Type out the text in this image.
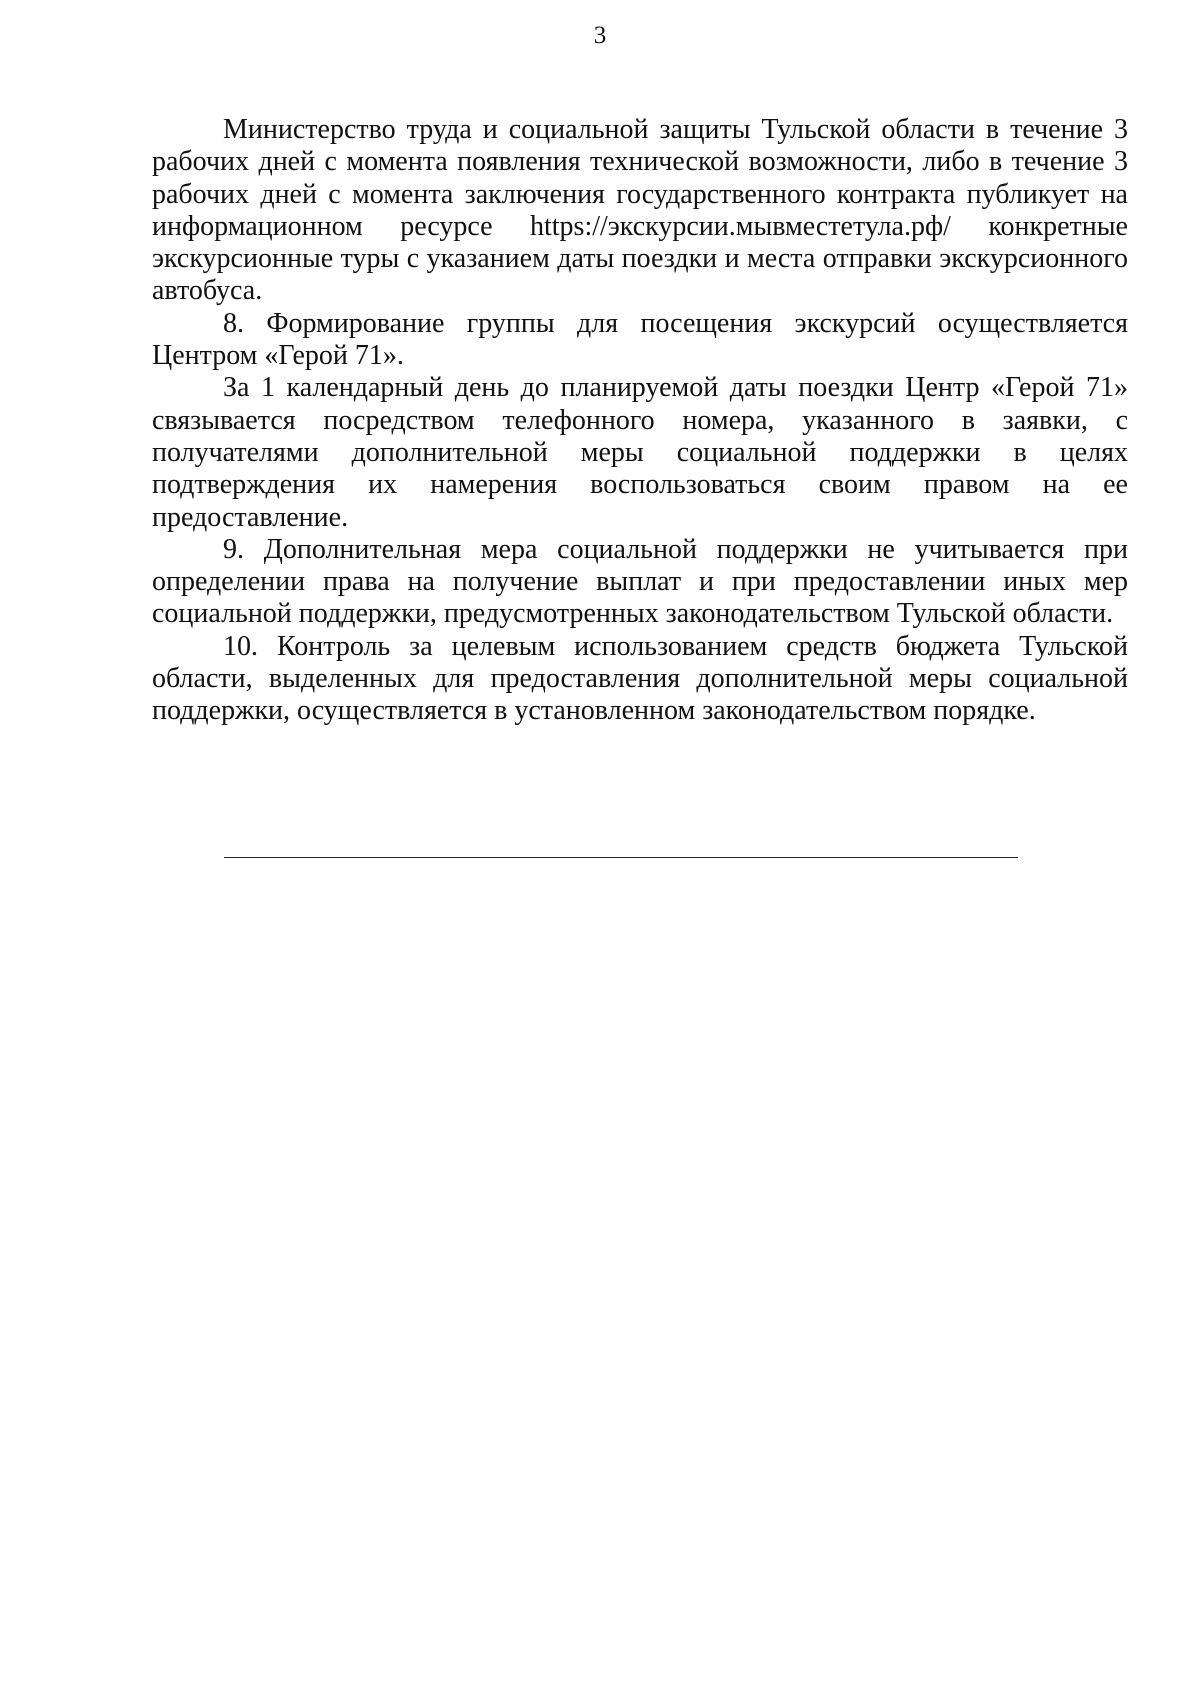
3

Министерство труда и социальной защиты Тульской области в течение 3 рабочих дней с момента появления технической возможности, либо в течение 3 рабочих дней с момента заключения государственного контракта публикует на информационном ресурсе https://экскурсии.мывместетула.рф/ конкретные экскурсионные туры с указанием даты поездки и места отправки экскурсионного автобуса.

8. Формирование группы для посещения экскурсий осуществляется Центром «Герой 71».

За 1 календарный день до планируемой даты поездки Центр «Герой 71» связывается посредством телефонного номера, указанного в заявки, с получателями дополнительной меры социальной поддержки в целях подтверждения их намерения воспользоваться своим правом на ее предоставление.

9. Дополнительная мера социальной поддержки не учитывается при определении права на получение выплат и при предоставлении иных мер социальной поддержки, предусмотренных законодательством Тульской области.

10. Контроль за целевым использованием средств бюджета Тульской области, выделенных для предоставления дополнительной меры социальной поддержки, осуществляется в установленном законодательством порядке.
